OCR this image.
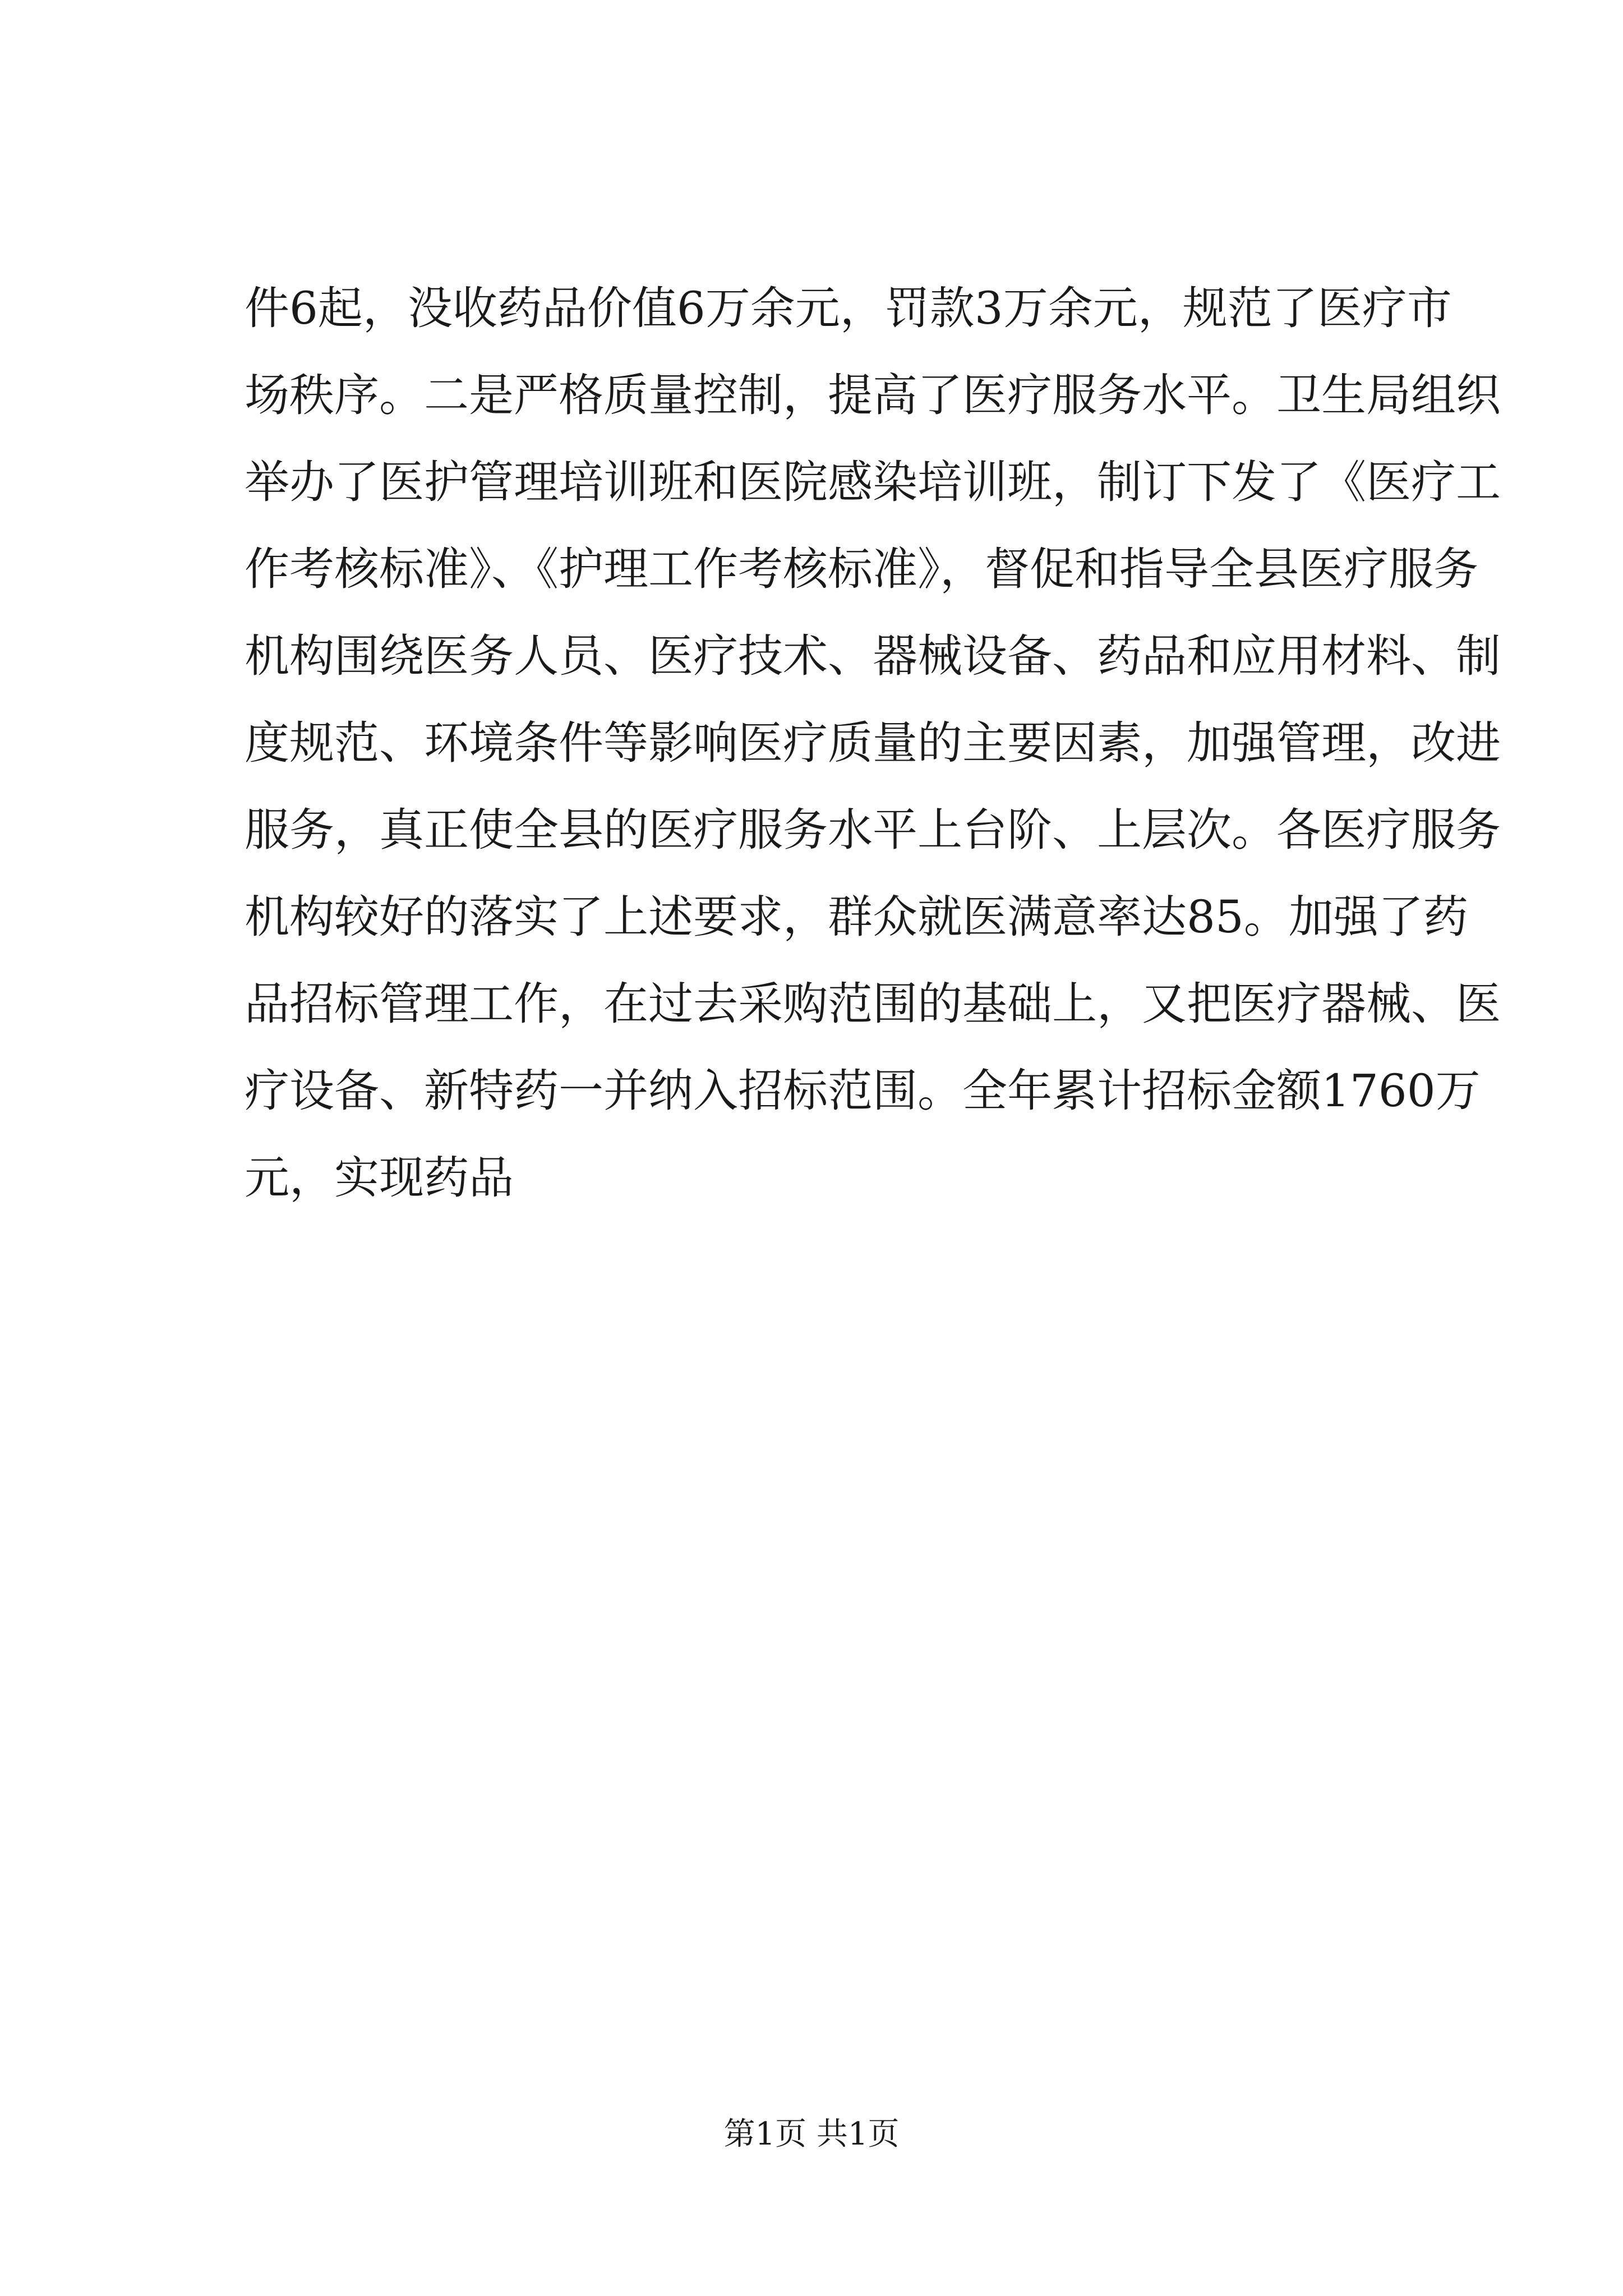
件6起，没收药品价值6万余元，罚款3万余元，规范了医疗市
场秩序。二是严格质量控制，提高了医疗服务水平。卫生局组织
举办了医护管理培训班和医院感染培训班，制订下发了《医疗工
作考核标准》、《护理工作考核标准》，督促和指导全县医疗服务
机构围绕医务人员、医疗技术、器械设备、药品和应用材料、制
度规范、环境条件等影响医疗质量的主要因素，加强管理，改进
服务，真正使全县的医疗服务水平上台阶、上层次。各医疗服务
机构较好的落实了上述要求，群众就医满意率达85。加强了药
品招标管理工作，在过去采购范围的基础上，又把医疗器械、医
疗设备、新特药一并纳入招标范围。全年累计招标金额1760万
元，实现药品
第1页 共1页
